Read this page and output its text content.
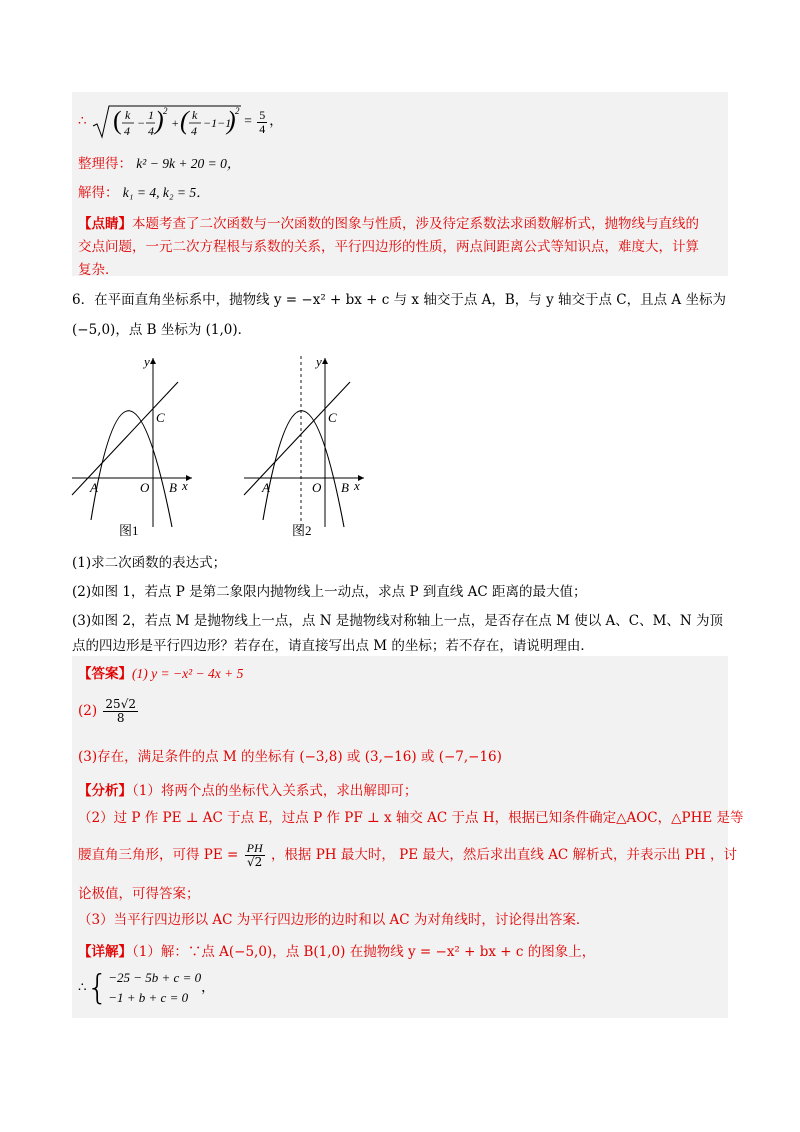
∴ ( k
4
−
1
4 ) 2
+ ( k
4
−1−1
) 2
= $\frac{5}{4}$ ，
整理得： k² − 9k + 20 = 0，
解得： k₁ = 4, k₂ = 5．
【点睛】本题考查了二次函数与一次函数的图象与性质，涉及待定系数法求函数解析式，抛物线与直线的
交点问题，一元二次方程根与系数的关系，平行四边形的性质，两点间距离公式等知识点，难度大，计算
复杂．
6．在平面直角坐标系中，抛物线 y = −x² + bx + c 与 x 轴交于点 A，B，与 y 轴交于点 C，且点 A 坐标为
(−5,0)，点 B 坐标为 (1,0)．
y
x
A	O B
C
图1
y
x
A	O B
C
图2
(1)求二次函数的表达式；
(2)如图 1，若点 P 是第二象限内抛物线上一动点，求点 P 到直线 AC 距离的最大值；
(3)如图 2，若点 M 是抛物线上一点，点 N 是抛物线对称轴上一点，是否存在点 M 使以 A、C、M、N 为顶
点的四边形是平行四边形？若存在，请直接写出点 M 的坐标；若不存在，请说明理由．
【答案】(1) y = −x² − 4x + 5
$(2) \frac{25√2}{8}$
(3)存在，满足条件的点 M 的坐标有 (−3,8) 或 (3,−16) 或 (−7,−16)
【分析】（1）将两个点的坐标代入关系式，求出解即可；
（2）过 P 作 PE ⊥ AC 于点 E，过点 P 作 PF ⊥ x 轴交 AC 于点 H，根据已知条件确定△AOC，△PHE 是等
腰直角三角形，可得 PE = $\frac{PH}{√2}$ ，根据 PH 最大时， PE 最大，然后求出直线 AC 解析式，并表示出 PH ，讨
论极值，可得答案；
（3）当平行四边形以 AC 为平行四边形的边时和以 AC 为对角线时，讨论得出答案．
【详解】（1）解：∵点 A(−5,0)，点 B(1,0) 在抛物线 y = −x² + bx + c 的图象上，
∴{ −25 − 5b + c = 0
−1 + b + c = 0
，
